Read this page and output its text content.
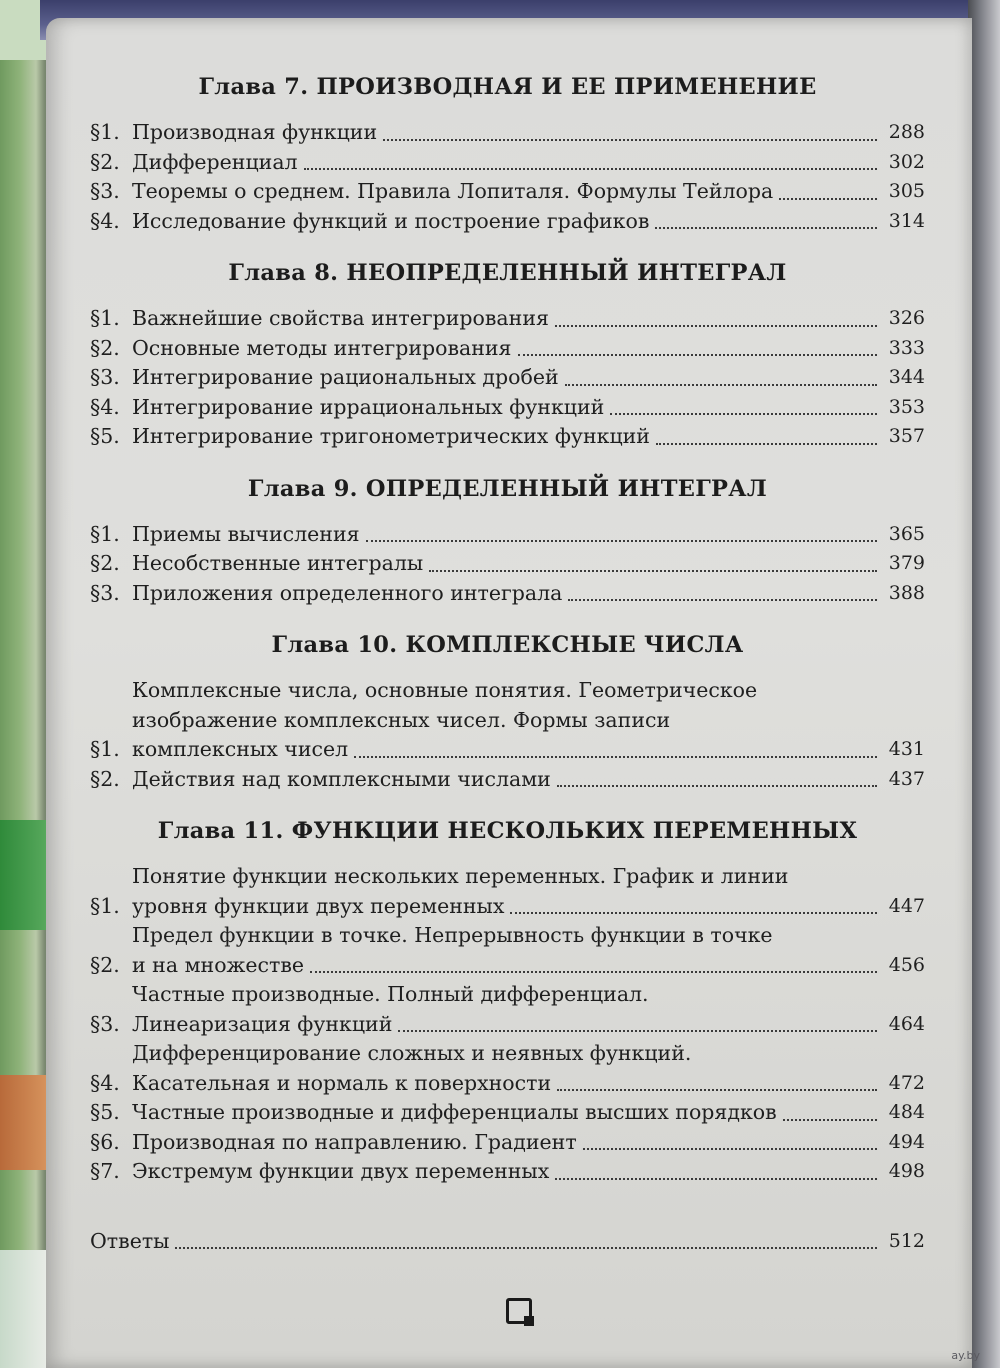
Глава 7. ПРОИЗВОДНАЯ И ЕЕ ПРИМЕНЕНИЕ
§1. Производная функции	288
§2. Дифференциал	302
§3. Теоремы о среднем. Правила Лопиталя. Формулы Тейлора	305
§4. Исследование функций и построение графиков	314
Глава 8. НЕОПРЕДЕЛЕННЫЙ ИНТЕГРАЛ
§1. Важнейшие свойства интегрирования	326
§2. Основные методы интегрирования	333
§3. Интегрирование рациональных дробей	344
§4. Интегрирование иррациональных функций	353
§5. Интегрирование тригонометрических функций	357
Глава 9. ОПРЕДЕЛЕННЫЙ ИНТЕГРАЛ
§1. Приемы вычисления	365
§2. Несобственные интегралы	379
§3. Приложения определенного интеграла	388
Глава 10. КОМПЛЕКСНЫЕ ЧИСЛА
§1.
Комплексные числа, основные понятия. Геометрическое
изображение комплексных чисел. Формы записи
комплексных чисел	431
§2. Действия над комплексными числами	437
Глава 11. ФУНКЦИИ НЕСКОЛЬКИХ ПЕРЕМЕННЫХ
§1.
Понятие функции нескольких переменных. График и линии
уровня функции двух переменных	447
§2.
Предел функции в точке. Непрерывность функции в точке
и на множестве	456
§3.
Частные производные. Полный дифференциал.
Линеаризация функций	464
§4.
Дифференцирование сложных и неявных функций.
Касательная и нормаль к поверхности	472
§5. Частные производные и дифференциалы высших порядков	484
§6. Производная по направлению. Градиент	494
§7. Экстремум функции двух переменных	498
Ответы	512
ay.by
